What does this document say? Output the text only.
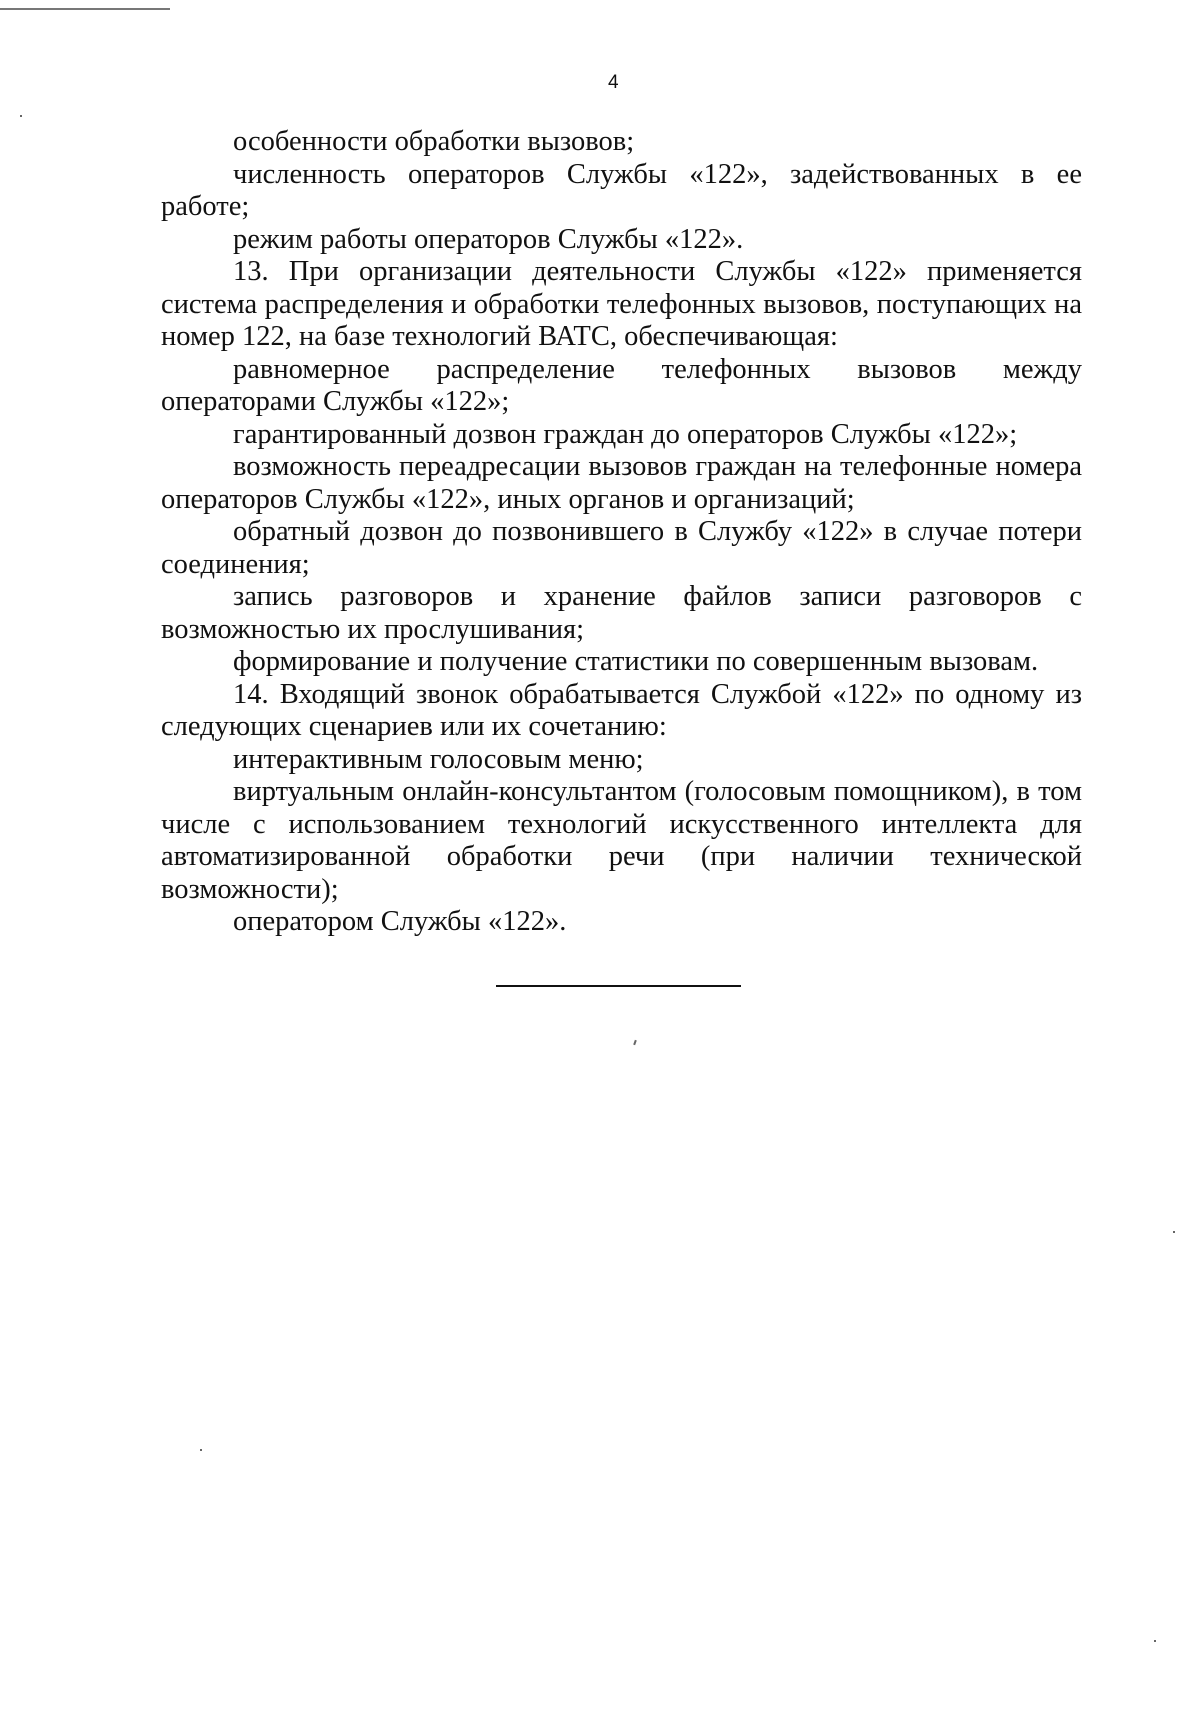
4

особенности обработки вызовов;

численность операторов Службы «122», задействованных в ее работе;

режим работы операторов Службы «122».

13. При организации деятельности Службы «122» применяется система распределения и обработки телефонных вызовов, поступающих на номер 122, на базе технологий ВАТС, обеспечивающая:

равномерное распределение телефонных вызовов между операторами Службы «122»;

гарантированный дозвон граждан до операторов Службы «122»;

возможность переадресации вызовов граждан на телефонные номера операторов Службы «122», иных органов и организаций;

обратный дозвон до позвонившего в Службу «122» в случае потери соединения;

запись разговоров и хранение файлов записи разговоров с возможностью их прослушивания;

формирование и получение статистики по совершенным вызовам.

14. Входящий звонок обрабатывается Службой «122» по одному из следующих сценариев или их сочетанию:

интерактивным голосовым меню;

виртуальным онлайн-консультантом (голосовым помощником), в том числе с использованием технологий искусственного интеллекта для автоматизированной обработки речи (при наличии технической возможности);

оператором Службы «122».
